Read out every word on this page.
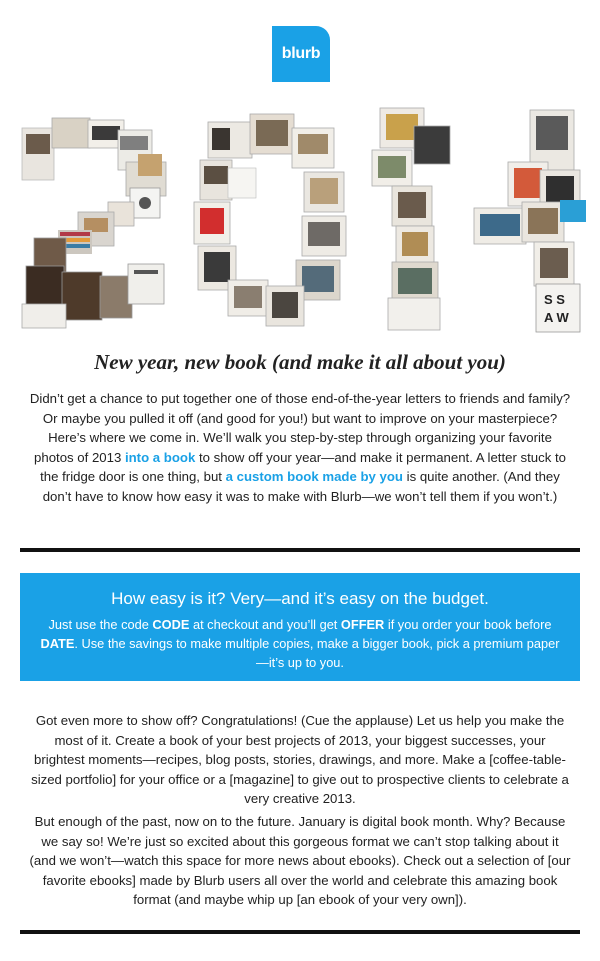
blurb
S S
A W
New year, new book (and make it all about you)

Didn’t get a chance to put together one of those end-of-the-year letters to friends and family? Or maybe you pulled it off (and good for you!) but want to improve on your masterpiece? Here’s where we come in. We’ll walk you step-by-step through organizing your favorite photos of 2013 into a book to show off your year—and make it permanent. A letter stuck to the fridge door is one thing, but a custom book made by you is quite another. (And they don’t have to know how easy it was to make with Blurb—we won’t tell them if you won’t.)

How easy is it? Very—and it’s easy on the budget.

Just use the code CODE at checkout and you’ll get OFFER if you order your book before DATE. Use the savings to make multiple copies, make a bigger book, pick a premium paper—it’s up to you.

Got even more to show off? Congratulations! (Cue the applause) Let us help you make the most of it. Create a book of your best projects of 2013, your biggest successes, your brightest moments—recipes, blog posts, stories, drawings, and more. Make a [coffee-table-sized portfolio] for your office or a [magazine] to give out to prospective clients to celebrate a very creative 2013.

But enough of the past, now on to the future. January is digital book month. Why? Because we say so! We’re just so excited about this gorgeous format we can’t stop talking about it (and we won’t—watch this space for more news about ebooks). Check out a selection of [our favorite ebooks] made by Blurb users all over the world and celebrate this amazing book format (and maybe whip up [an ebook of your very own]).
